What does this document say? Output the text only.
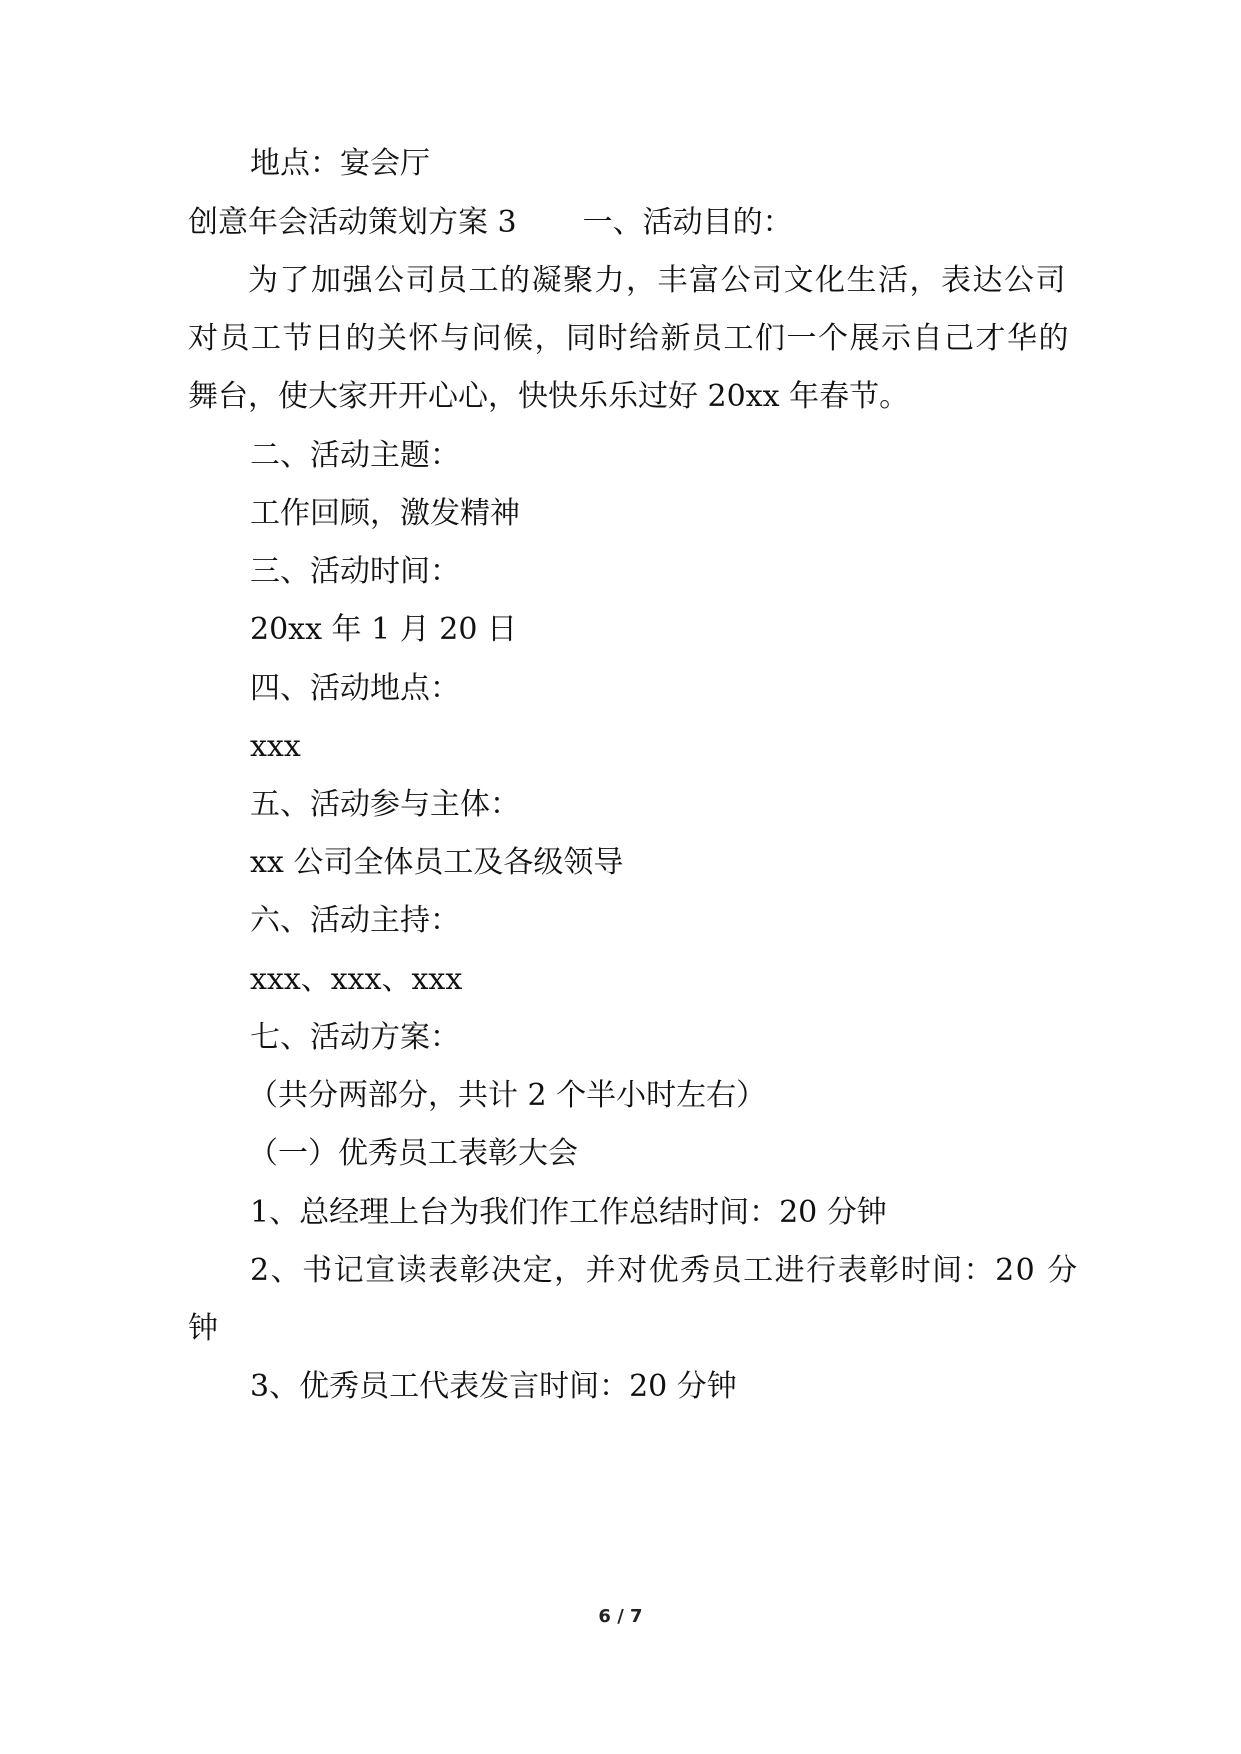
地点：宴会厅
创意年会活动策划方案 3 一、活动目的：
为了加强公司员工的凝聚力，丰富公司文化生活，表达公司
对员工节日的关怀与问候，同时给新员工们一个展示自己才华的
舞台，使大家开开心心，快快乐乐过好 20xx 年春节。
二、活动主题：
工作回顾，激发精神
三、活动时间：
20xx 年 1 月 20 日
四、活动地点：
xxx
五、活动参与主体：
xx 公司全体员工及各级领导
六、活动主持：
xxx、xxx、xxx
七、活动方案：
（共分两部分，共计 2 个半小时左右）
（一）优秀员工表彰大会
1、总经理上台为我们作工作总结时间：20 分钟
2、书记宣读表彰决定，并对优秀员工进行表彰时间：20 分
钟
3、优秀员工代表发言时间：20 分钟
6 / 7
